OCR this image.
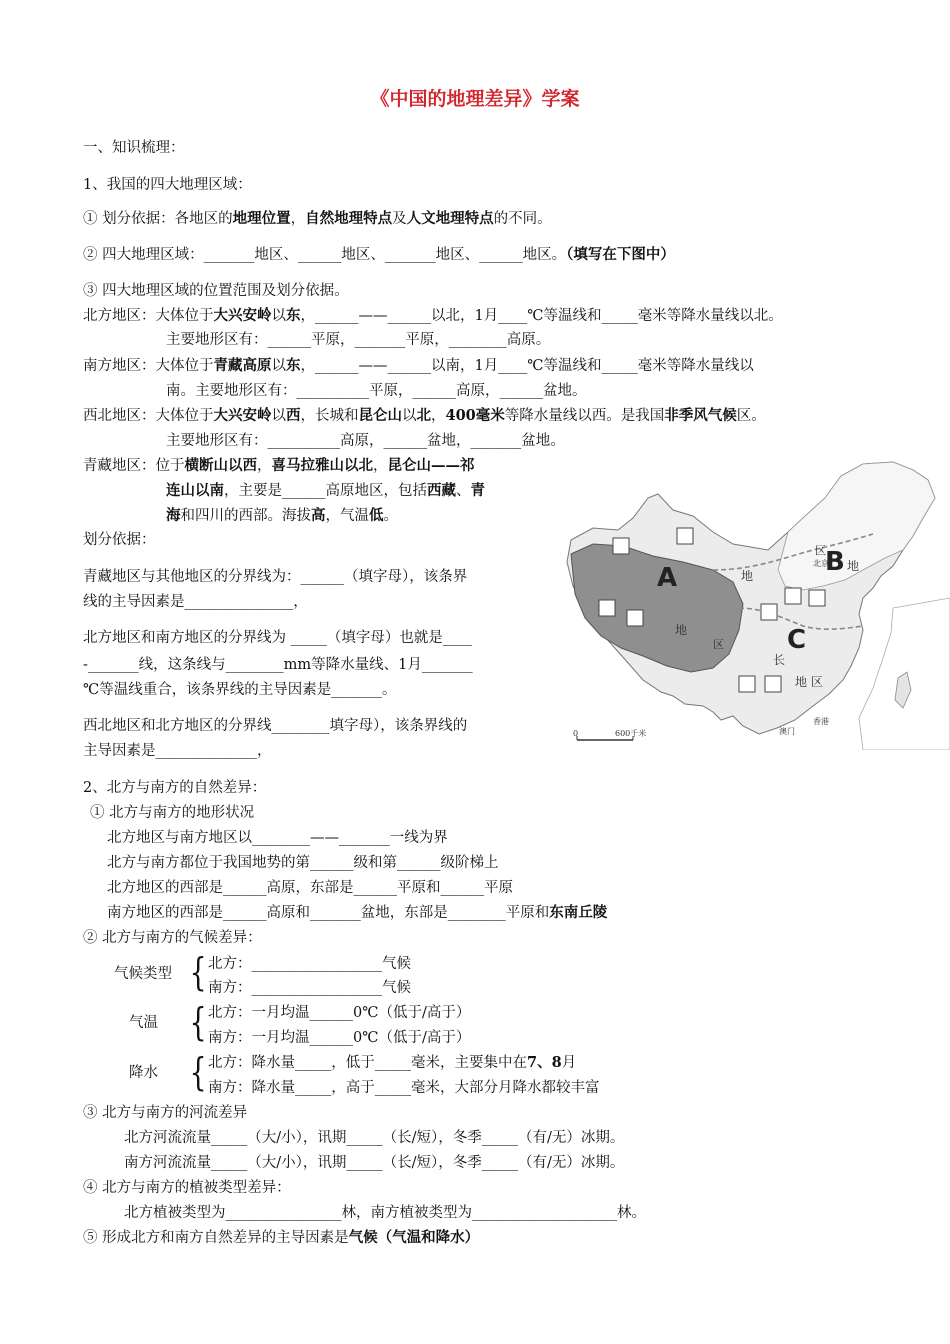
《中国的地理差异》学案
一、知识梳理：
1、我国的四大地理区域：
① 划分依据：各地区的地理位置，自然地理特点及人文地理特点的不同。
② 四大地理区域：_______地区、______地区、_______地区、______地区。（填写在下图中）
③ 四大地理区域的位置范围及划分依据。
北方地区：大体位于大兴安岭以东，______——______以北，1月____℃等温线和_____毫米等降水量线以北。
主要地形区有：______平原，_______平原，________高原。
南方地区：大体位于青藏高原以东，______——______以南，1月____℃等温线和_____毫米等降水量线以
南。主要地形区有：__________平原，______高原，______盆地。
西北地区：大体位于大兴安岭以西，长城和昆仑山以北，400毫米等降水量线以西。是我国非季风气候区。
主要地形区有：__________高原，______盆地，_______盆地。
青藏地区：位于横断山以西，喜马拉雅山以北，昆仑山——祁
连山以南，主要是______高原地区，包括西藏、青
海和四川的西部。海拔高，气温低。
划分依据：
青藏地区与其他地区的分界线为：______（填字母），该条界
线的主导因素是_______________，
北方地区和南方地区的分界线为 _____（填字母）也就是____
-_______线，这条线与________mm等降水量线、1月_______
℃等温线重合，该条界线的主导因素是_______。
西北地区和北方地区的分界线________填字母），该条界线的
主导因素是______________，
A
B
C
地
地
区
区
长
地 区
地
北京
香港
澳门
0	600千米
2、北方与南方的自然差异：
① 北方与南方的地形状况
北方地区与南方地区以________——_______一线为界
北方与南方都位于我国地势的第______级和第______级阶梯上
北方地区的西部是______高原，东部是______平原和______平原
南方地区的西部是______高原和_______盆地，东部是________平原和东南丘陵
② 北方与南方的气候差异：
气候类型 { 北方：__________________气候
南方：__________________气候
气温 { 北方：一月均温______0℃（低于/高于）
南方：一月均温______0℃（低于/高于）
降水 { 北方：降水量_____，低于_____毫米，主要集中在7、8月
南方：降水量_____，高于_____毫米，大部分月降水都较丰富
③ 北方与南方的河流差异
北方河流流量_____（大/小），讯期_____（长/短），冬季_____（有/无）冰期。
南方河流流量_____（大/小），讯期_____（长/短），冬季_____（有/无）冰期。
④ 北方与南方的植被类型差异：
北方植被类型为________________林，南方植被类型为____________________林。
⑤ 形成北方和南方自然差异的主导因素是气候（气温和降水）
